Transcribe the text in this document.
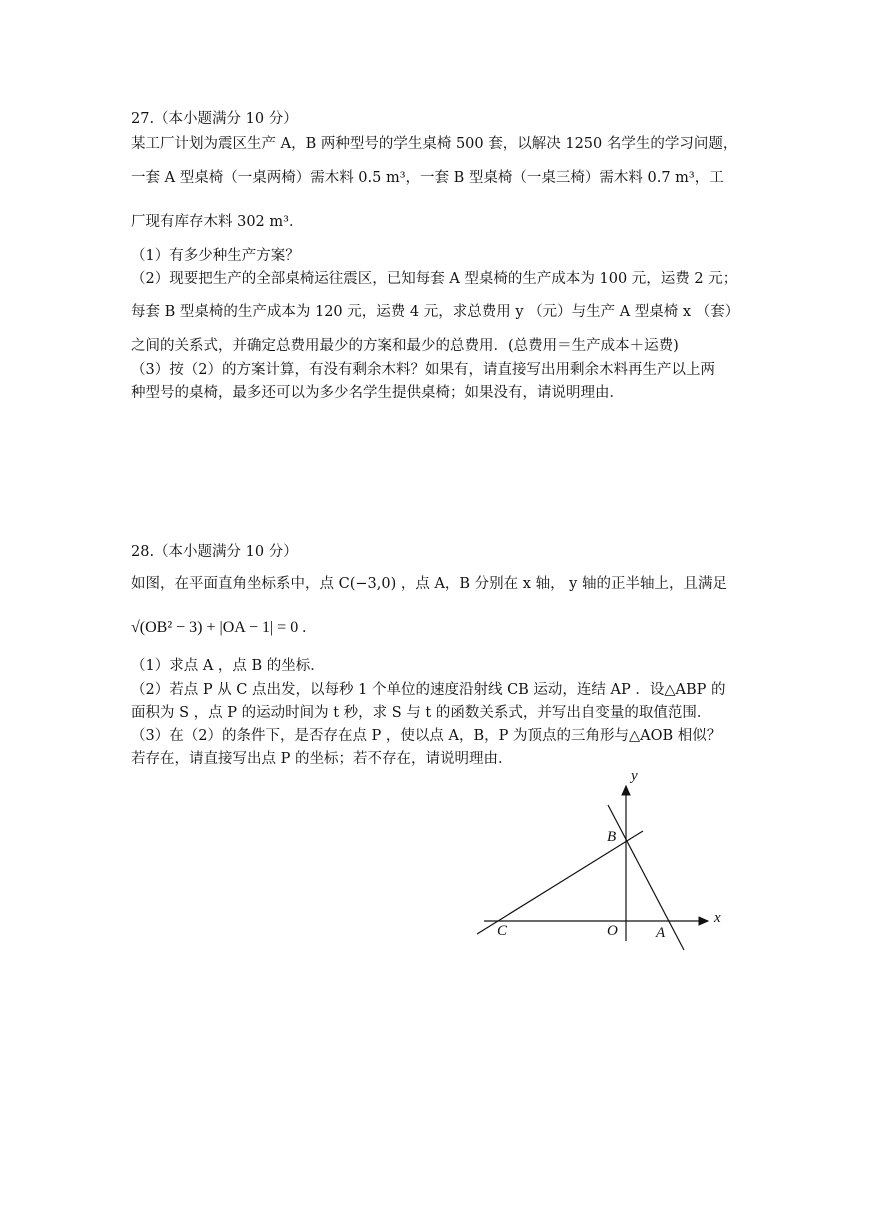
27.（本小题满分 10 分）
某工厂计划为震区生产 A，B 两种型号的学生桌椅 500 套，以解决 1250 名学生的学习问题，
一套 A 型桌椅（一桌两椅）需木料 0.5 m³，一套 B 型桌椅（一桌三椅）需木料 0.7 m³，工
厂现有库存木料 302 m³．
（1）有多少种生产方案？
（2）现要把生产的全部桌椅运往震区，已知每套 A 型桌椅的生产成本为 100 元，运费 2 元；
每套 B 型桌椅的生产成本为 120 元，运费 4 元，求总费用 y （元）与生产 A 型桌椅 x （套）
之间的关系式，并确定总费用最少的方案和最少的总费用．(总费用＝生产成本＋运费)
（3）按（2）的方案计算，有没有剩余木料？如果有，请直接写出用剩余木料再生产以上两
种型号的桌椅，最多还可以为多少名学生提供桌椅；如果没有，请说明理由．
28.（本小题满分 10 分）
如图，在平面直角坐标系中，点 C(−3,0) ，点 A，B 分别在 x 轴， y 轴的正半轴上，且满足
√(OB² − 3) + |OA − 1| = 0 .
（1）求点 A ，点 B 的坐标．
（2）若点 P 从 C 点出发，以每秒 1 个单位的速度沿射线 CB 运动，连结 AP ．设△ABP 的
面积为 S ，点 P 的运动时间为 t 秒，求 S 与 t 的函数关系式，并写出自变量的取值范围．
（3）在（2）的条件下，是否存在点 P ，使以点 A，B，P 为顶点的三角形与△AOB 相似？
若存在，请直接写出点 P 的坐标；若不存在，请说明理由．
x
y
B
C	O	A
